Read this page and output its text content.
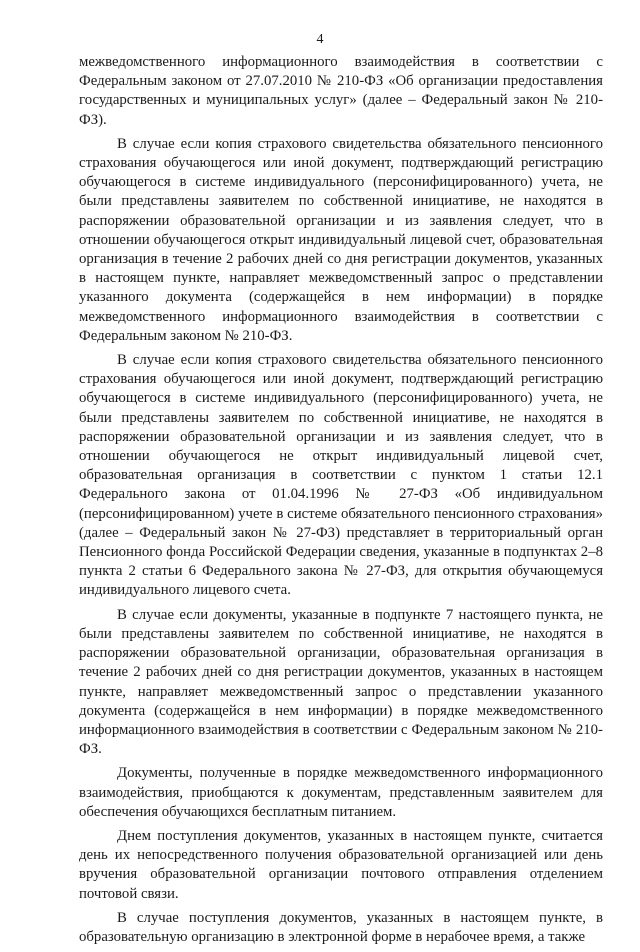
4

межведомственного информационного взаимодействия в соответствии с Федеральным законом от 27.07.2010 № 210-ФЗ «Об организации предоставления государственных и муниципальных услуг» (далее – Федеральный закон № 210-ФЗ).

В случае если копия страхового свидетельства обязательного пенсионного страхования обучающегося или иной документ, подтверждающий регистрацию обучающегося в системе индивидуального (персонифицированного) учета, не были представлены заявителем по собственной инициативе, не находятся в распоряжении образовательной организации и из заявления следует, что в отношении обучающегося открыт индивидуальный лицевой счет, образовательная организация в течение 2 рабочих дней со дня регистрации документов, указанных в настоящем пункте, направляет межведомственный запрос о представлении указанного документа (содержащейся в нем информации) в порядке межведомственного информационного взаимодействия в соответствии с Федеральным законом № 210-ФЗ.

В случае если копия страхового свидетельства обязательного пенсионного страхования обучающегося или иной документ, подтверждающий регистрацию обучающегося в системе индивидуального (персонифицированного) учета, не были представлены заявителем по собственной инициативе, не находятся в распоряжении образовательной организации и из заявления следует, что в отношении обучающегося не открыт индивидуальный лицевой счет, образовательная организация в соответствии с пунктом 1 статьи 12.1 Федерального закона от 01.04.1996 № 27-ФЗ «Об индивидуальном (персонифицированном) учете в системе обязательного пенсионного страхования» (далее – Федеральный закон № 27-ФЗ) представляет в территориальный орган Пенсионного фонда Российской Федерации сведения, указанные в подпунктах 2–8 пункта 2 статьи 6 Федерального закона № 27-ФЗ, для открытия обучающемуся индивидуального лицевого счета.

В случае если документы, указанные в подпункте 7 настоящего пункта, не были представлены заявителем по собственной инициативе, не находятся в распоряжении образовательной организации, образовательная организация в течение 2 рабочих дней со дня регистрации документов, указанных в настоящем пункте, направляет межведомственный запрос о представлении указанного документа (содержащейся в нем информации) в порядке межведомственного информационного взаимодействия в соответствии с Федеральным законом № 210-ФЗ.

Документы, полученные в порядке межведомственного информационного взаимодействия, приобщаются к документам, представленным заявителем для обеспечения обучающихся бесплатным питанием.

Днем поступления документов, указанных в настоящем пункте, считается день их непосредственного получения образовательной организацией или день вручения образовательной организации почтового отправления отделением почтовой связи.

В случае поступления документов, указанных в настоящем пункте, в образовательную организацию в электронной форме в нерабочее время, а также
